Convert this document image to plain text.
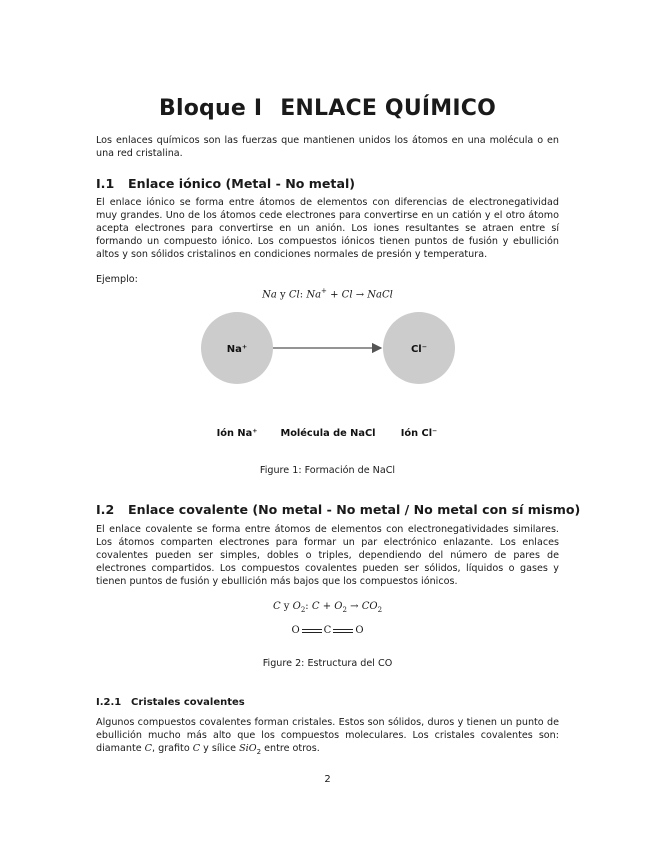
Bloque I ENLACE QUÍMICO

Los enlaces químicos son las fuerzas que mantienen unidos los átomos en una molécula o en una red cristalina.

I.1 Enlace iónico (Metal - No metal)

El enlace iónico se forma entre átomos de elementos con diferencias de electronegatividad muy grandes. Uno de los átomos cede electrones para convertirse en un catión y el otro átomo acepta electrones para convertirse en un anión. Los iones resultantes se atraen entre sí formando un compuesto iónico. Los compuestos iónicos tienen puntos de fusión y ebullición altos y son sólidos cristalinos en condiciones normales de presión y temperatura.

Ejemplo:

Na y Cl: Na+ + Cl → NaCl
Na⁺	Cl⁻
Ión Na⁺ Molécula de NaCl	Ión Cl⁻

Figure 1: Formación de NaCl

I.2 Enlace covalente (No metal - No metal / No metal con sí mismo)

El enlace covalente se forma entre átomos de elementos con electronegatividades similares. Los átomos comparten electrones para formar un par electrónico enlazante. Los enlaces covalentes pueden ser simples, dobles o triples, dependiendo del número de pares de electrones compartidos. Los compuestos covalentes pueden ser sólidos, líquidos o gases y tienen puntos de fusión y ebullición más bajos que los compuestos iónicos.

C y $O_2$: $C + O_2 \to CO_2$
O C O

Figure 2: Estructura del CO

I.2.1 Cristales covalentes

Algunos compuestos covalentes forman cristales. Estos son sólidos, duros y tienen un punto de ebullición mucho más alto que los compuestos moleculares. Los cristales covalentes son: diamante C, grafito C y sílice SiO$_2$ entre otros.

2
